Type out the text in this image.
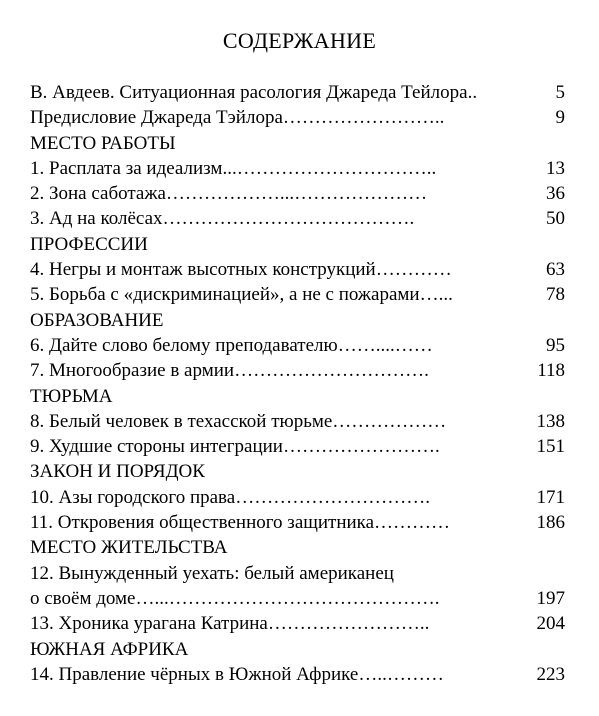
СОДЕРЖАНИЕ
В. Авдеев. Ситуационная расология Джареда Тейлора..	5
Предисловие Джареда Тэйлора……………………..	9
МЕСТО РАБОТЫ
1. Расплата за идеализм...…………………………..	13
2. Зона саботажа………………...…………………	36
3. Ад на колёсах………………………………….	50
ПРОФЕССИИ
4. Негры и монтаж высотных конструкций…………	63
5. Борьба с «дискриминацией», а не с пожарами…...	78
ОБРАЗОВАНИЕ
6. Дайте слово белому преподавателю……....……	95
7. Многообразие в армии………………………….	118
ТЮРЬМА
8. Белый человек в техасской тюрьме………………	138
9. Худшие стороны интеграции…………………….	151
ЗАКОН И ПОРЯДОК
10. Азы городского права………………………….	171
11. Откровения общественного защитника…………	186
МЕСТО ЖИТЕЛЬСТВА
12. Вынужденный уехать: белый американец
о своём доме…...…………………………………….	197
13. Хроника урагана Катрина……………………..	204
ЮЖНАЯ АФРИКА
14. Правление чёрных в Южной Африке…..………	223
